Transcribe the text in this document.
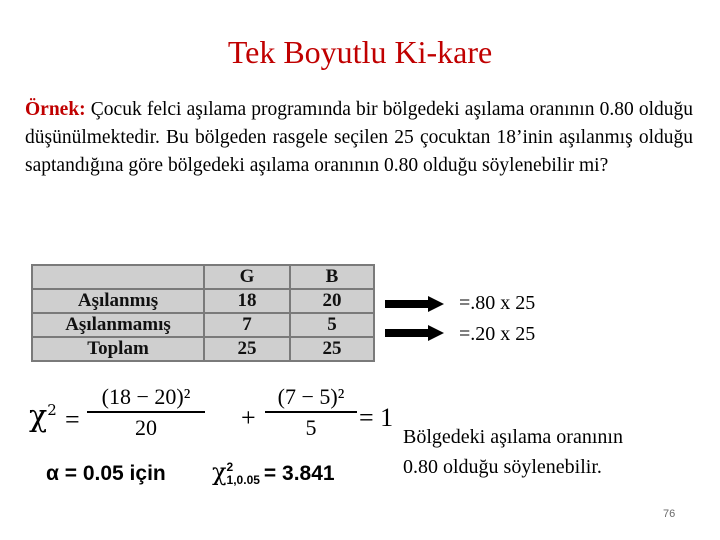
Tek Boyutlu Ki-kare
Örnek: Çocuk felci aşılama programında bir bölgedeki aşılama oranının 0.80 olduğu düşünülmektedir. Bu bölgeden rasgele seçilen 25 çocuktan 18’inin aşılanmış olduğu saptandığına göre bölgedeki aşılama oranının 0.80 olduğu söylenebilir mi?
	G	B
Aşılanmış	18	20
Aşılanmamış	7	5
Toplam	25	25
=.80 x 25
=.20 x 25
$\chi^2$ =
(18 − 20)²
20	+
(7 − 5)²
5	= 1
α = 0.05 için χ2
1,0.05 = 3.841
Bölgedeki aşılama oranının
0.80 olduğu söylenebilir.
76
